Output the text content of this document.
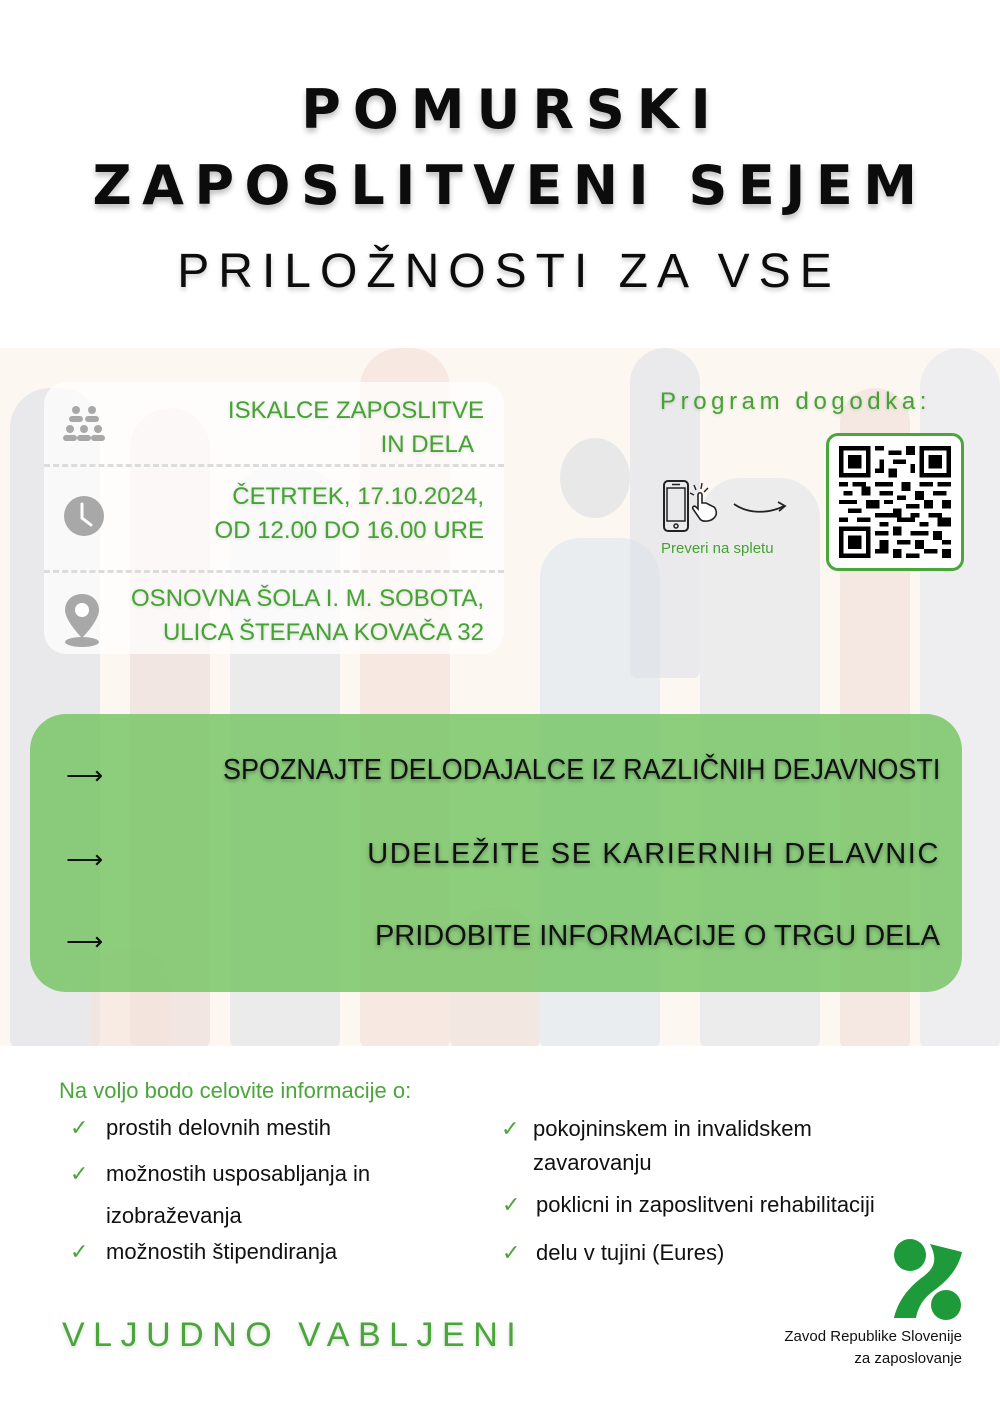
POMURSKI
ZAPOSLITVENI SEJEM
PRILOŽNOSTI ZA VSE
ISKALCE ZAPOSLITVE
IN DELA
ČETRTEK, 17.10.2024,
OD 12.00 DO 16.00 URE
OSNOVNA ŠOLA I. M. SOBOTA,
ULICA ŠTEFANA KOVAČA 32
Program dogodka:
Preveri na spletu
⟶	SPOZNAJTE DELODAJALCE IZ RAZLIČNIH DEJAVNOSTI
⟶	UDELEŽITE SE KARIERNIH DELAVNIC
⟶	PRIDOBITE INFORMACIJE O TRGU DELA
Na voljo bodo celovite informacije o:
✓ prostih delovnih mestih
✓ možnostih usposabljanja in
izobraževanja
✓ možnostih štipendiranja
✓ pokojninskem in invalidskem
zavarovanju
✓ poklicni in zaposlitveni rehabilitaciji
✓ delu v tujini (Eures)
VLJUDNO VABLJENI	Zavod Republike Slovenije
za zaposlovanje
